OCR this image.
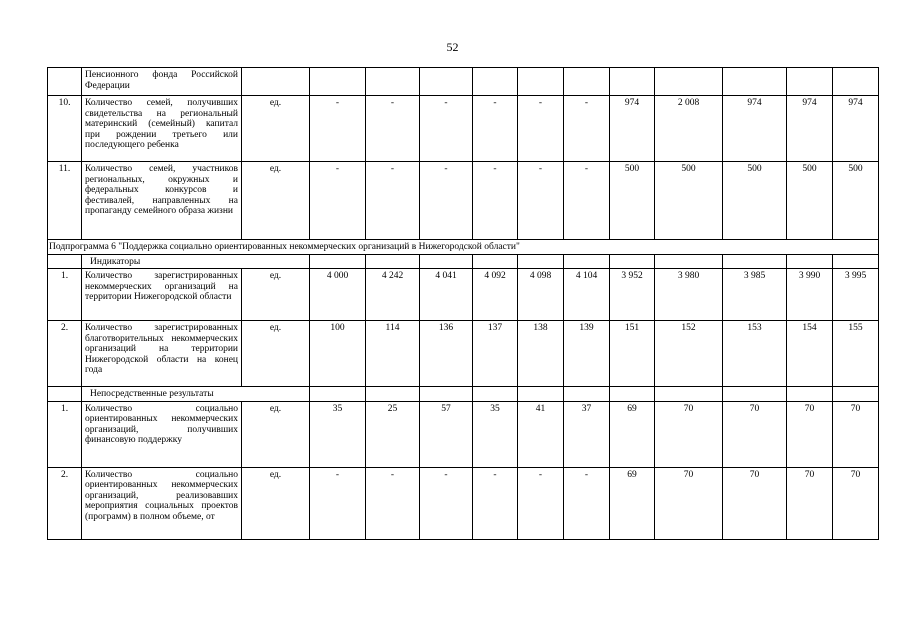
52
	Пенсионного фонда Российской Федерации												
10.	Количество семей, получивших свидетельства на региональный материнский (семейный) капитал при рождении третьего или последующего ребенка	ед.	-	-	-	-	-	-	974	2 008	974	974	974
11.	Количество семей, участников региональных, окружных и федеральных конкурсов и фестивалей, направленных на пропаганду семейного образа жизни	ед.	-	-	-	-	-	-	500	500	500	500	500
Подпрограмма 6 "Поддержка социально ориентированных некоммерческих организаций в Нижегородской области"													
	Индикаторы												
1.	Количество зарегистрированных некоммерческих организаций на территории Нижегородской области	ед.	4 000	4 242	4 041	4 092	4 098	4 104	3 952	3 980	3 985	3 990	3 995
2.	Количество зарегистрированных благотворительных некоммерческих организаций на территории Нижегородской области на конец года	ед.	100	114	136	137	138	139	151	152	153	154	155
	Непосредственные результаты												
1.	Количество социально ориентированных некоммерческих организаций, получивших финансовую поддержку	ед.	35	25	57	35	41	37	69	70	70	70	70
2.	Количество социально ориентированных некоммерческих организаций, реализовавших мероприятия социальных проектов (программ) в полном объеме, от	ед.	-	-	-	-	-	-	69	70	70	70	70
